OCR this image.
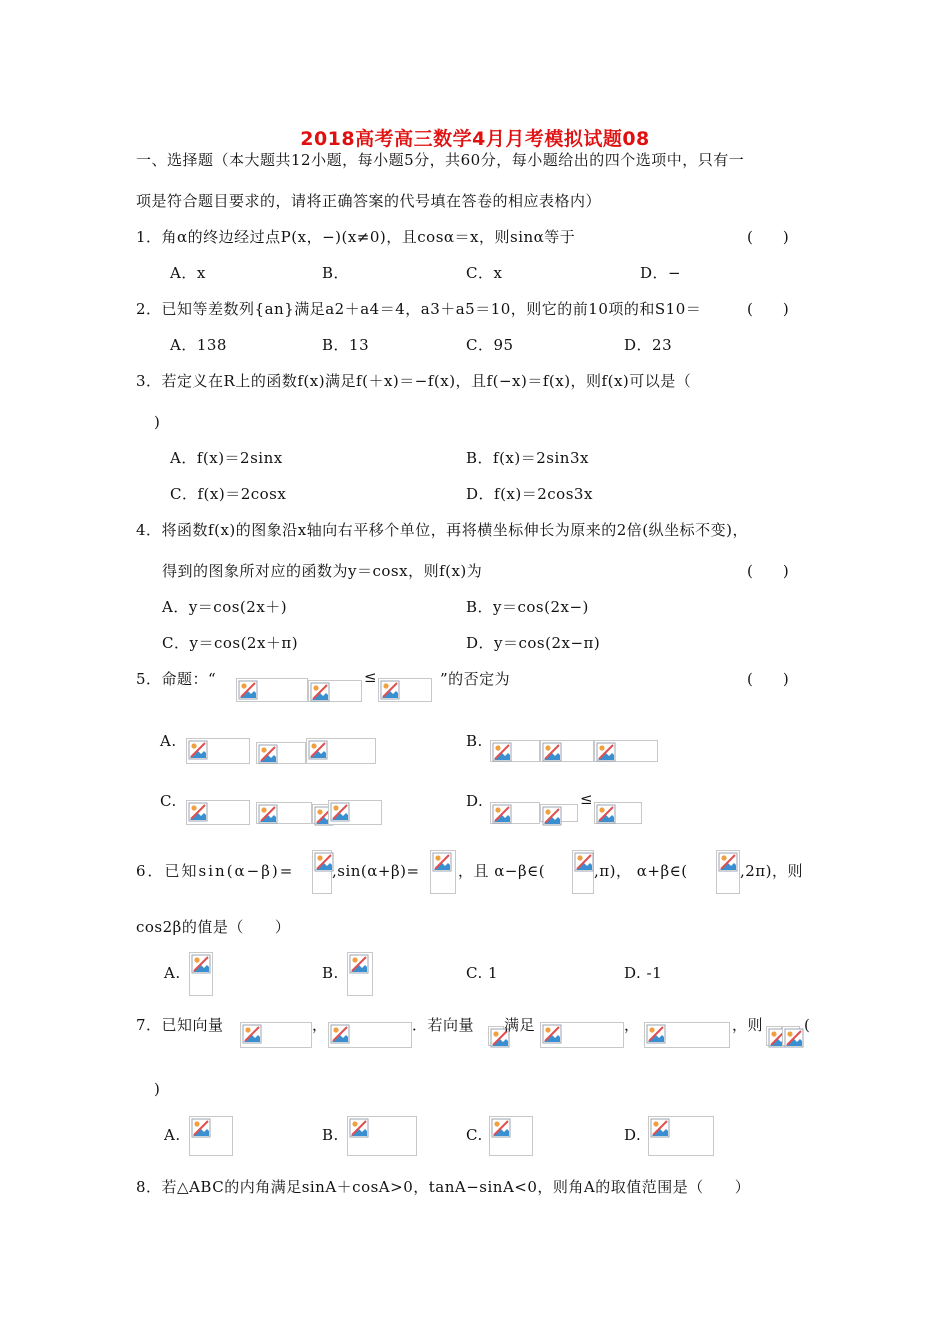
2018高考高三数学4月月考模拟试题08
一、选择题（本大题共12小题，每小题5分，共60分，每小题给出的四个选项中，只有一
项是符合题目要求的，请将正确答案的代号填在答卷的相应表格内）
1．角α的终边经过点P(x，−)(x≠0)，且cosα＝x，则sinα等于	(　　)
A．x	B．	C．x	D．−
2．已知等差数列{an}满足a2＋a4＝4，a3＋a5＝10，则它的前10项的和S10＝	(　　)
A．138	B．13	C．95	D．23
3．若定义在R上的函数f(x)满足f(＋x)＝−f(x)，且f(−x)＝f(x)，则f(x)可以是（
)
A．f(x)＝2sinx	B．f(x)＝2sin3x
C．f(x)＝2cosx	D．f(x)＝2cos3x
4．将函数f(x)的图象沿x轴向右平移个单位，再将横坐标伸长为原来的2倍(纵坐标不变)，
得到的图象所对应的函数为y＝cosx，则f(x)为	(　　)
A．y＝cos(2x＋)	B．y＝cos(2x−)
C．y＝cos(2x＋π)	D．y＝cos(2x−π)
5．命题：“	≤	”的否定为	(　　)
A.	B.
C.	D.	≤
6．已知sin(α−β)=	,sin(α+β)=	，且 α−β∈(	,π)， α+β∈(	,2π)，则
cos2β的值是（　　）
A.	B.	C. 1	D. -1
7．已知向量	，	．若向量 满足	，	，则	(
)
A.	B.	C.	D.
8．若△ABC的内角满足sinA＋cosA>0，tanA−sinA<0，则角A的取值范围是（　　）
